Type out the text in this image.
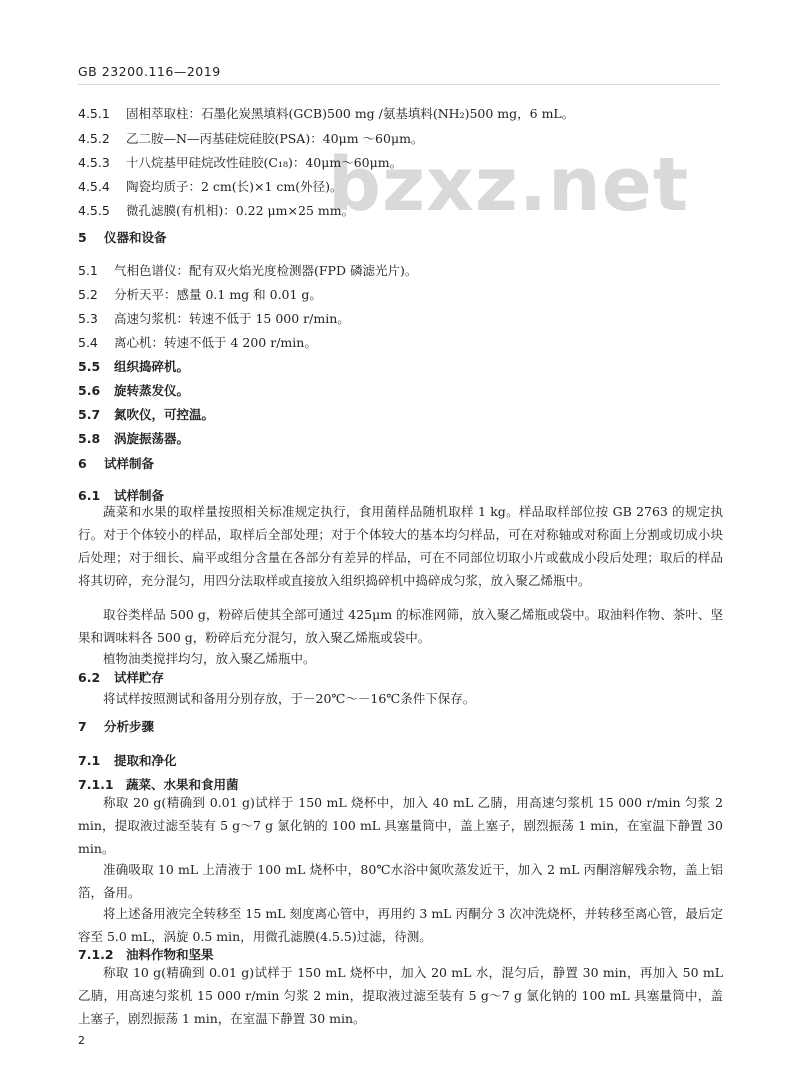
GB 23200.116—2019
bzxz.net
4.5.1 固相萃取柱：石墨化炭黑填料(GCB)500 mg /氨基填料(NH₂)500 mg，6 mL。
4.5.2 乙二胺—N—丙基硅烷硅胶(PSA)：40μm ～60μm。
4.5.3 十八烷基甲硅烷改性硅胶(C₁₈)：40μm～60μm。
4.5.4 陶瓷均质子：2 cm(长)×1 cm(外径)。
4.5.5 微孔滤膜(有机相)：0.22 μm×25 mm。
5 仪器和设备
5.1 气相色谱仪：配有双火焰光度检测器(FPD 磷滤光片)。
5.2 分析天平：感量 0.1 mg 和 0.01 g。
5.3 高速匀浆机：转速不低于 15 000 r/min。
5.4 离心机：转速不低于 4 200 r/min。
5.5 组织捣碎机。
5.6 旋转蒸发仪。
5.7 氮吹仪，可控温。
5.8 涡旋振荡器。
6 试样制备
6.1 试样制备
蔬菜和水果的取样量按照相关标准规定执行，食用菌样品随机取样 1 kg。样品取样部位按 GB 2763 的规定执行。对于个体较小的样品，取样后全部处理；对于个体较大的基本均匀样品，可在对称轴或对称面上分割或切成小块后处理；对于细长、扁平或组分含量在各部分有差异的样品，可在不同部位切取小片或截成小段后处理；取后的样品将其切碎，充分混匀，用四分法取样或直接放入组织捣碎机中捣碎成匀浆，放入聚乙烯瓶中。
取谷类样品 500 g，粉碎后使其全部可通过 425μm 的标准网筛，放入聚乙烯瓶或袋中。取油料作物、茶叶、坚果和调味料各 500 g，粉碎后充分混匀，放入聚乙烯瓶或袋中。
植物油类搅拌均匀，放入聚乙烯瓶中。
6.2 试样贮存
将试样按照测试和备用分别存放，于－20℃～－16℃条件下保存。
7 分析步骤
7.1 提取和净化
7.1.1 蔬菜、水果和食用菌
称取 20 g(精确到 0.01 g)试样于 150 mL 烧杯中，加入 40 mL 乙腈，用高速匀浆机 15 000 r/min 匀浆 2 min，提取液过滤至装有 5 g～7 g 氯化钠的 100 mL 具塞量筒中，盖上塞子，剧烈振荡 1 min，在室温下静置 30 min。
准确吸取 10 mL 上清液于 100 mL 烧杯中，80℃水浴中氮吹蒸发近干，加入 2 mL 丙酮溶解残余物，盖上铝箔，备用。
将上述备用液完全转移至 15 mL 刻度离心管中，再用约 3 mL 丙酮分 3 次冲洗烧杯，并转移至离心管，最后定容至 5.0 mL，涡旋 0.5 min，用微孔滤膜(4.5.5)过滤，待测。
7.1.2 油料作物和坚果
称取 10 g(精确到 0.01 g)试样于 150 mL 烧杯中，加入 20 mL 水，混匀后，静置 30 min，再加入 50 mL 乙腈，用高速匀浆机 15 000 r/min 匀浆 2 min，提取液过滤至装有 5 g～7 g 氯化钠的 100 mL 具塞量筒中，盖上塞子，剧烈振荡 1 min，在室温下静置 30 min。
2
